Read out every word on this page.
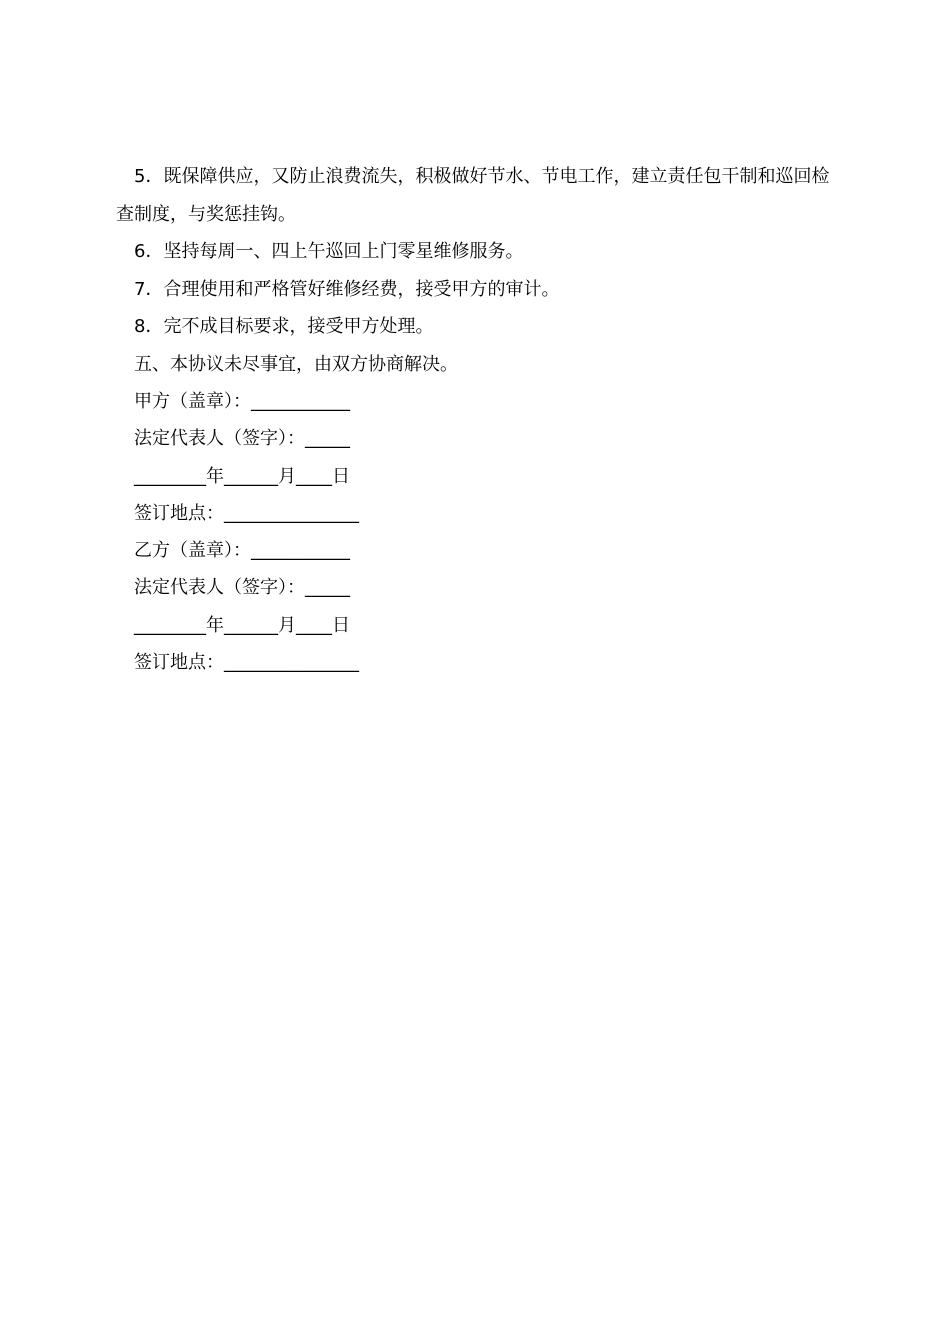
5．既保障供应，又防止浪费流失，积极做好节水、节电工作，建立责任包干制和巡回检查制度，与奖惩挂钩。

6．坚持每周一、四上午巡回上门零星维修服务。

7．合理使用和严格管好维修经费，接受甲方的审计。

8．完不成目标要求，接受甲方处理。

五、本协议未尽事宜，由双方协商解决。

甲方（盖章）：___________

法定代表人（签字）：_____

________年______月____日

签订地点：_______________

乙方（盖章）：___________

法定代表人（签字）：_____

________年______月____日

签订地点：_______________
